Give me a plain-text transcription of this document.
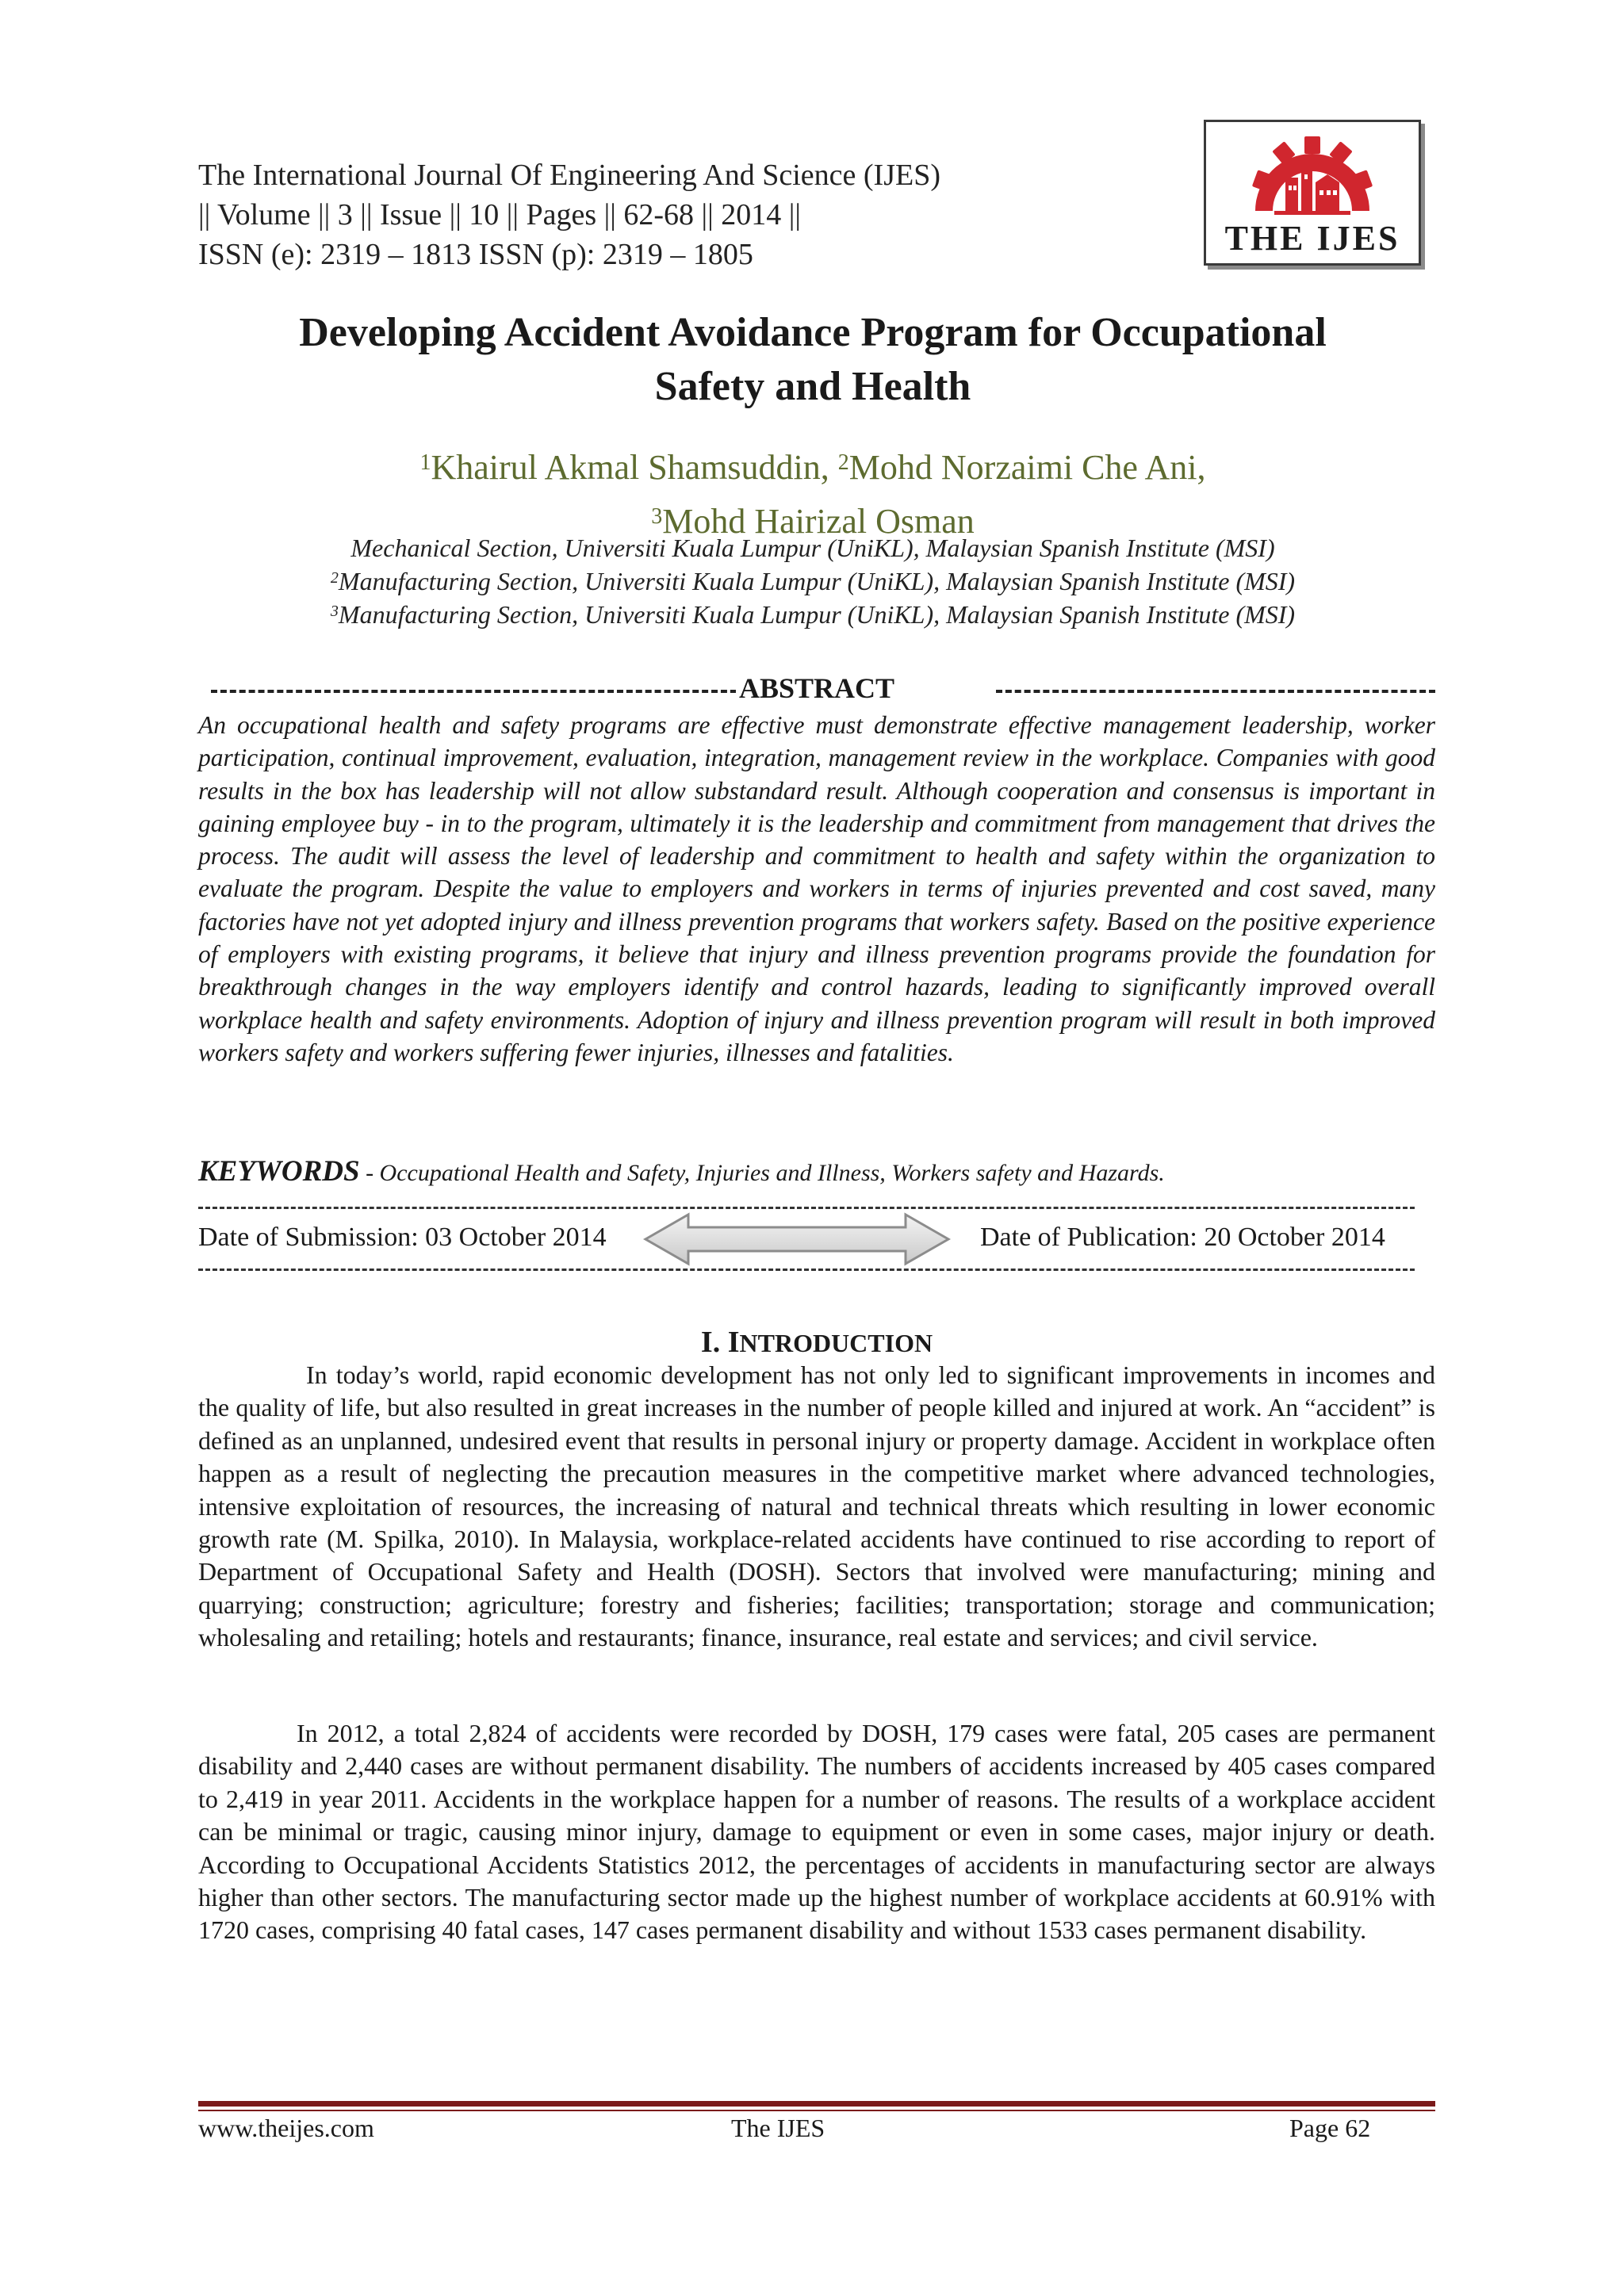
The International Journal Of Engineering And Science (IJES)
|| Volume || 3 || Issue || 10 || Pages || 62-68 || 2014 ||
ISSN (e): 2319 – 1813 ISSN (p): 2319 – 1805	THE IJES
Developing Accident Avoidance Program for Occupational
Safety and Health
$^1$Khairul Akmal Shamsuddin, $^2$Mohd Norzaimi Che Ani,
$^3$Mohd Hairizal Osman
Mechanical Section, Universiti Kuala Lumpur (UniKL), Malaysian Spanish Institute (MSI)
$^2$Manufacturing Section, Universiti Kuala Lumpur (UniKL), Malaysian Spanish Institute (MSI)
$^3$Manufacturing Section, Universiti Kuala Lumpur (UniKL), Malaysian Spanish Institute (MSI)
ABSTRACT
An occupational health and safety programs are effective must demonstrate effective management leadership, worker participation, continual improvement, evaluation, integration, management review in the workplace. Companies with good results in the box has leadership will not allow substandard result. Although cooperation and consensus is important in gaining employee buy - in to the program, ultimately it is the leadership and commitment from management that drives the process. The audit will assess the level of leadership and commitment to health and safety within the organization to evaluate the program. Despite the value to employers and workers in terms of injuries prevented and cost saved, many factories have not yet adopted injury and illness prevention programs that workers safety. Based on the positive experience of employers with existing programs, it believe that injury and illness prevention programs provide the foundation for breakthrough changes in the way employers identify and control hazards, leading to significantly improved overall workplace health and safety environments. Adoption of injury and illness prevention program will result in both improved workers safety and workers suffering fewer injuries, illnesses and fatalities.
KEYWORDS - Occupational Health and Safety, Injuries and Illness, Workers safety and Hazards.
Date of Submission: 03 October 2014	Date of Publication: 20 October 2014
I. INTRODUCTION
In today’s world, rapid economic development has not only led to significant improvements in incomes and the quality of life, but also resulted in great increases in the number of people killed and injured at work. An “accident” is defined as an unplanned, undesired event that results in personal injury or property damage. Accident in workplace often happen as a result of neglecting the precaution measures in the competitive market where advanced technologies, intensive exploitation of resources, the increasing of natural and technical threats which resulting in lower economic growth rate (M. Spilka, 2010). In Malaysia, workplace-related accidents have continued to rise according to report of Department of Occupational Safety and Health (DOSH). Sectors that involved were manufacturing; mining and quarrying; construction; agriculture; forestry and fisheries; facilities; transportation; storage and communication; wholesaling and retailing; hotels and restaurants; finance, insurance, real estate and services; and civil service.
In 2012, a total 2,824 of accidents were recorded by DOSH, 179 cases were fatal, 205 cases are permanent disability and 2,440 cases are without permanent disability. The numbers of accidents increased by 405 cases compared to 2,419 in year 2011. Accidents in the workplace happen for a number of reasons. The results of a workplace accident can be minimal or tragic, causing minor injury, damage to equipment or even in some cases, major injury or death. According to Occupational Accidents Statistics 2012, the percentages of accidents in manufacturing sector are always higher than other sectors. The manufacturing sector made up the highest number of workplace accidents at 60.91% with 1720 cases, comprising 40 fatal cases, 147 cases permanent disability and without 1533 cases permanent disability.
www.theijes.com	The IJES	Page 62
